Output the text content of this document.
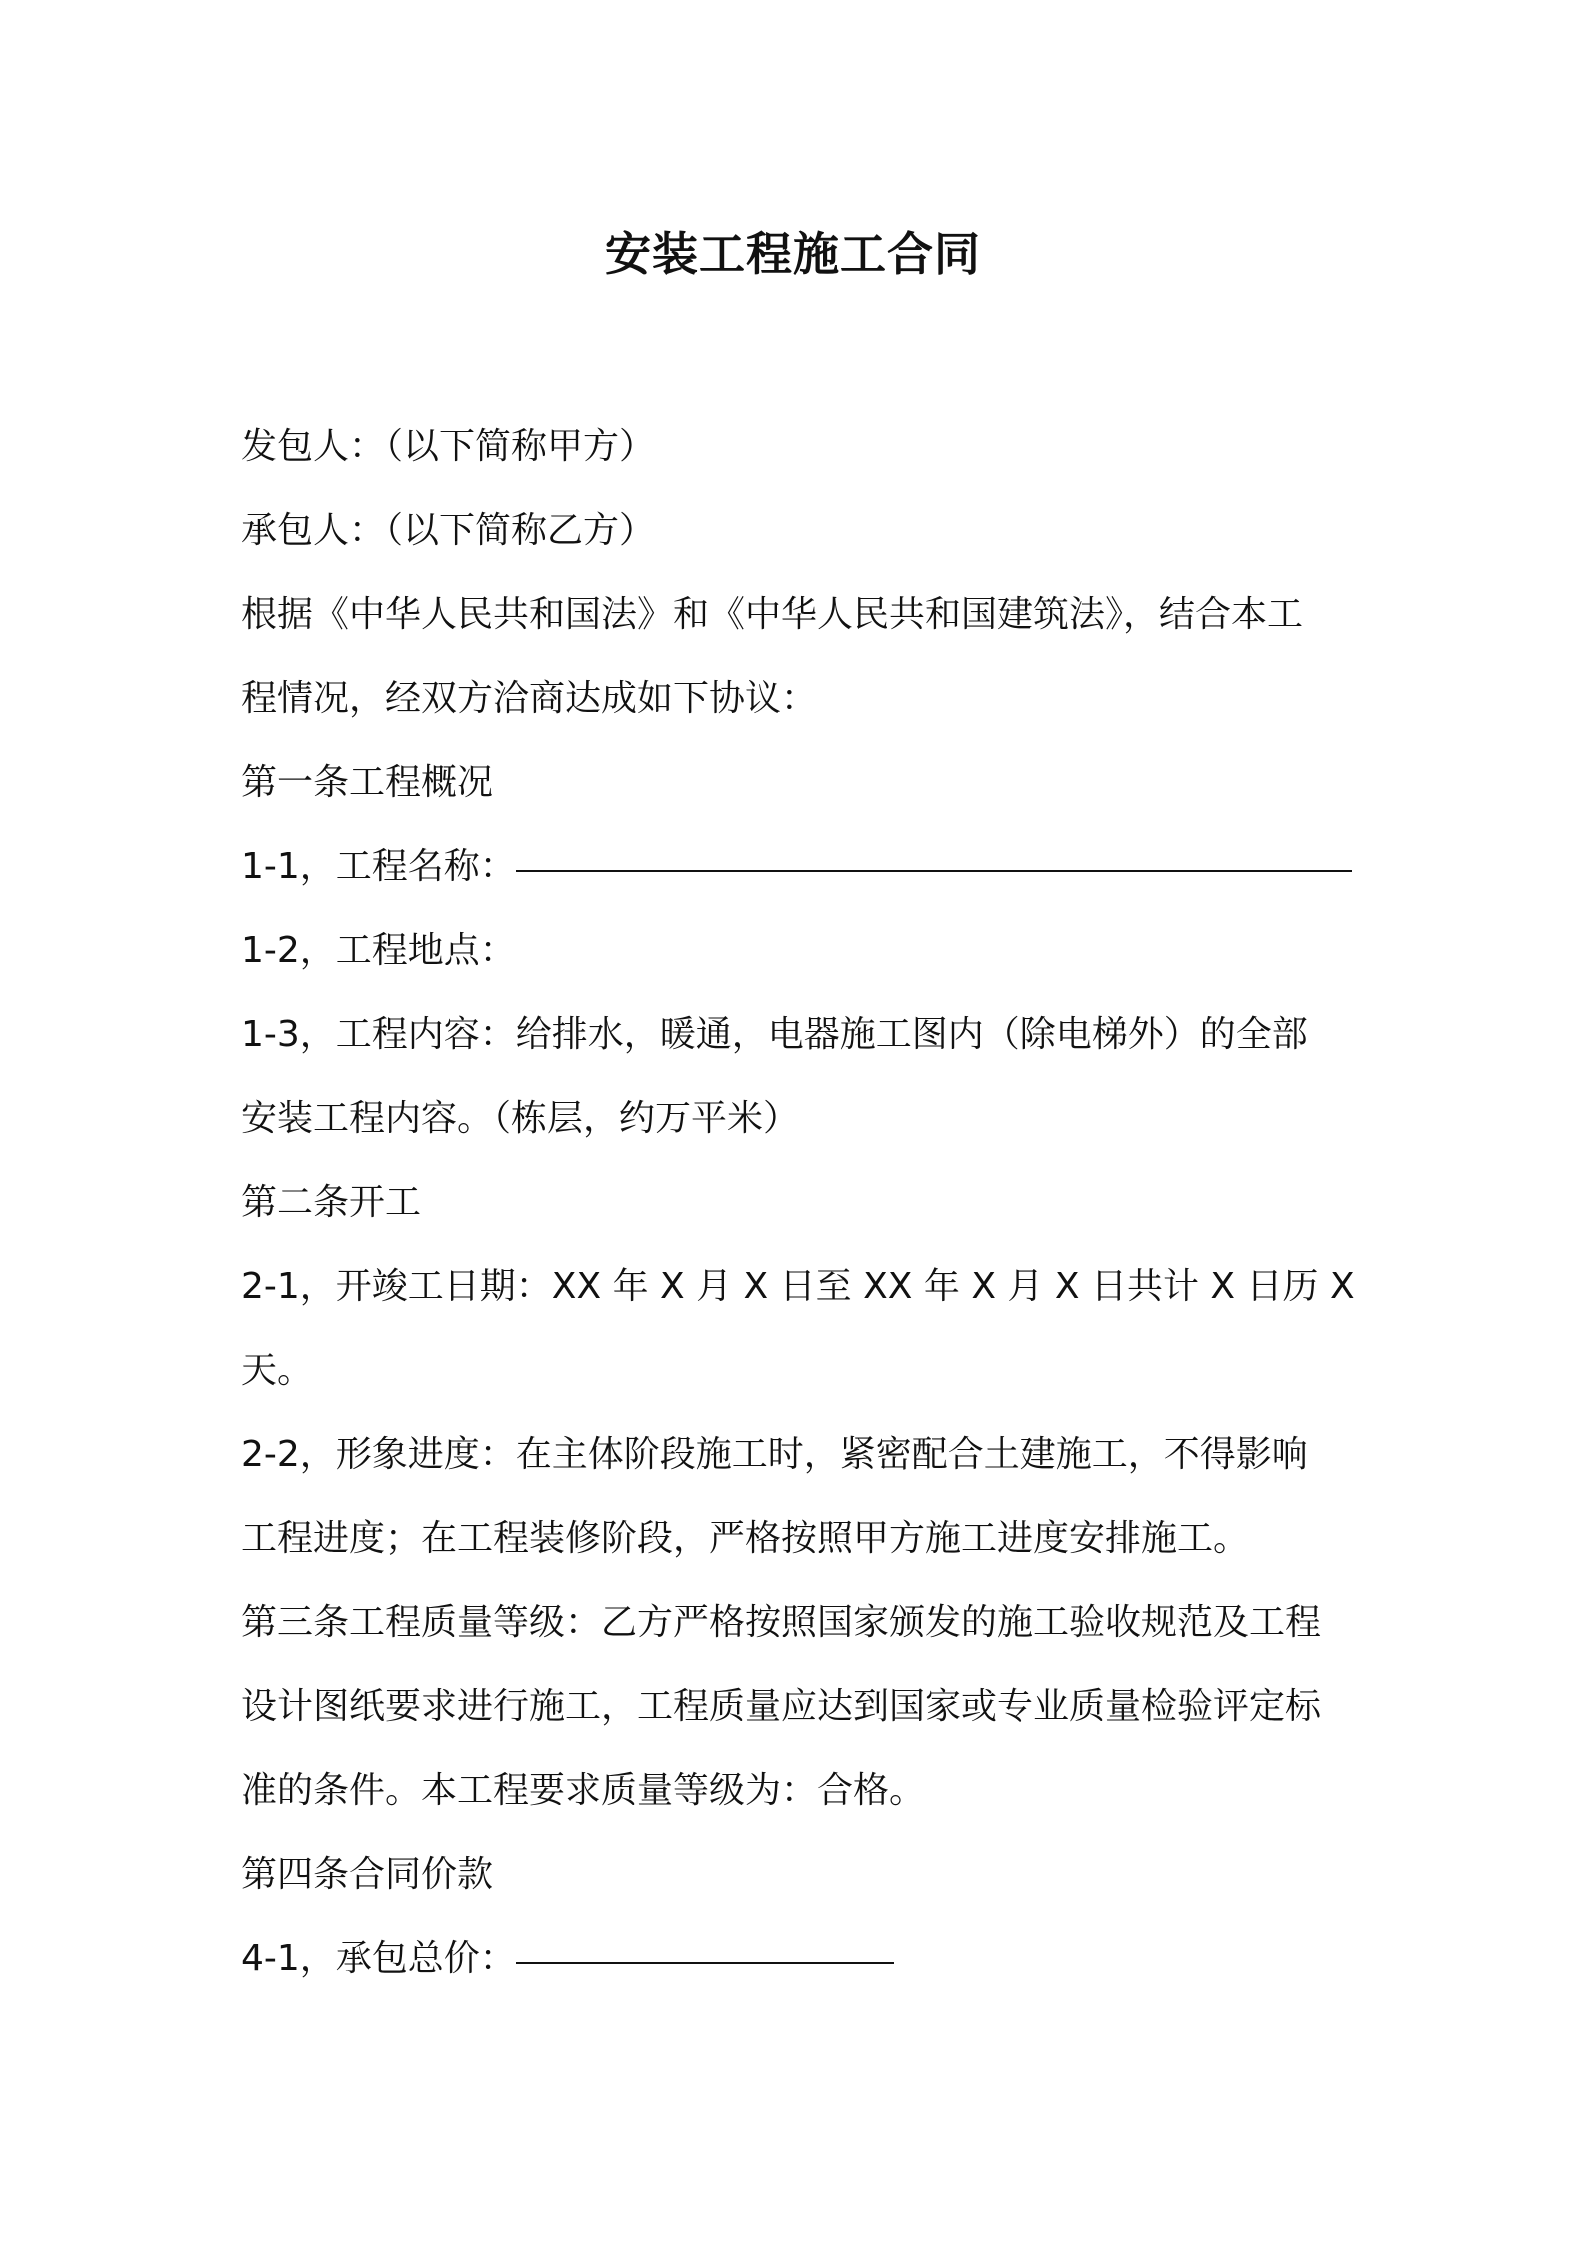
安装工程施工合同
发包人：（以下简称甲方）
承包人：（以下简称乙方）
根据《中华人民共和国法》和《中华人民共和国建筑法》，结合本工
程情况，经双方洽商达成如下协议：
第一条工程概况
1-1，工程名称：
1-2，工程地点：
1-3，工程内容：给排水，暖通，电器施工图内（除电梯外）的全部
安装工程内容。（栋层，约万平米）
第二条开工
2-1，开竣工日期：XX 年 X 月 X 日至 XX 年 X 月 X 日共计 X 日历 X
天。
2-2，形象进度：在主体阶段施工时，紧密配合土建施工，不得影响
工程进度；在工程装修阶段，严格按照甲方施工进度安排施工。
第三条工程质量等级：乙方严格按照国家颁发的施工验收规范及工程
设计图纸要求进行施工，工程质量应达到国家或专业质量检验评定标
准的条件。本工程要求质量等级为：合格。
第四条合同价款
4-1，承包总价：
